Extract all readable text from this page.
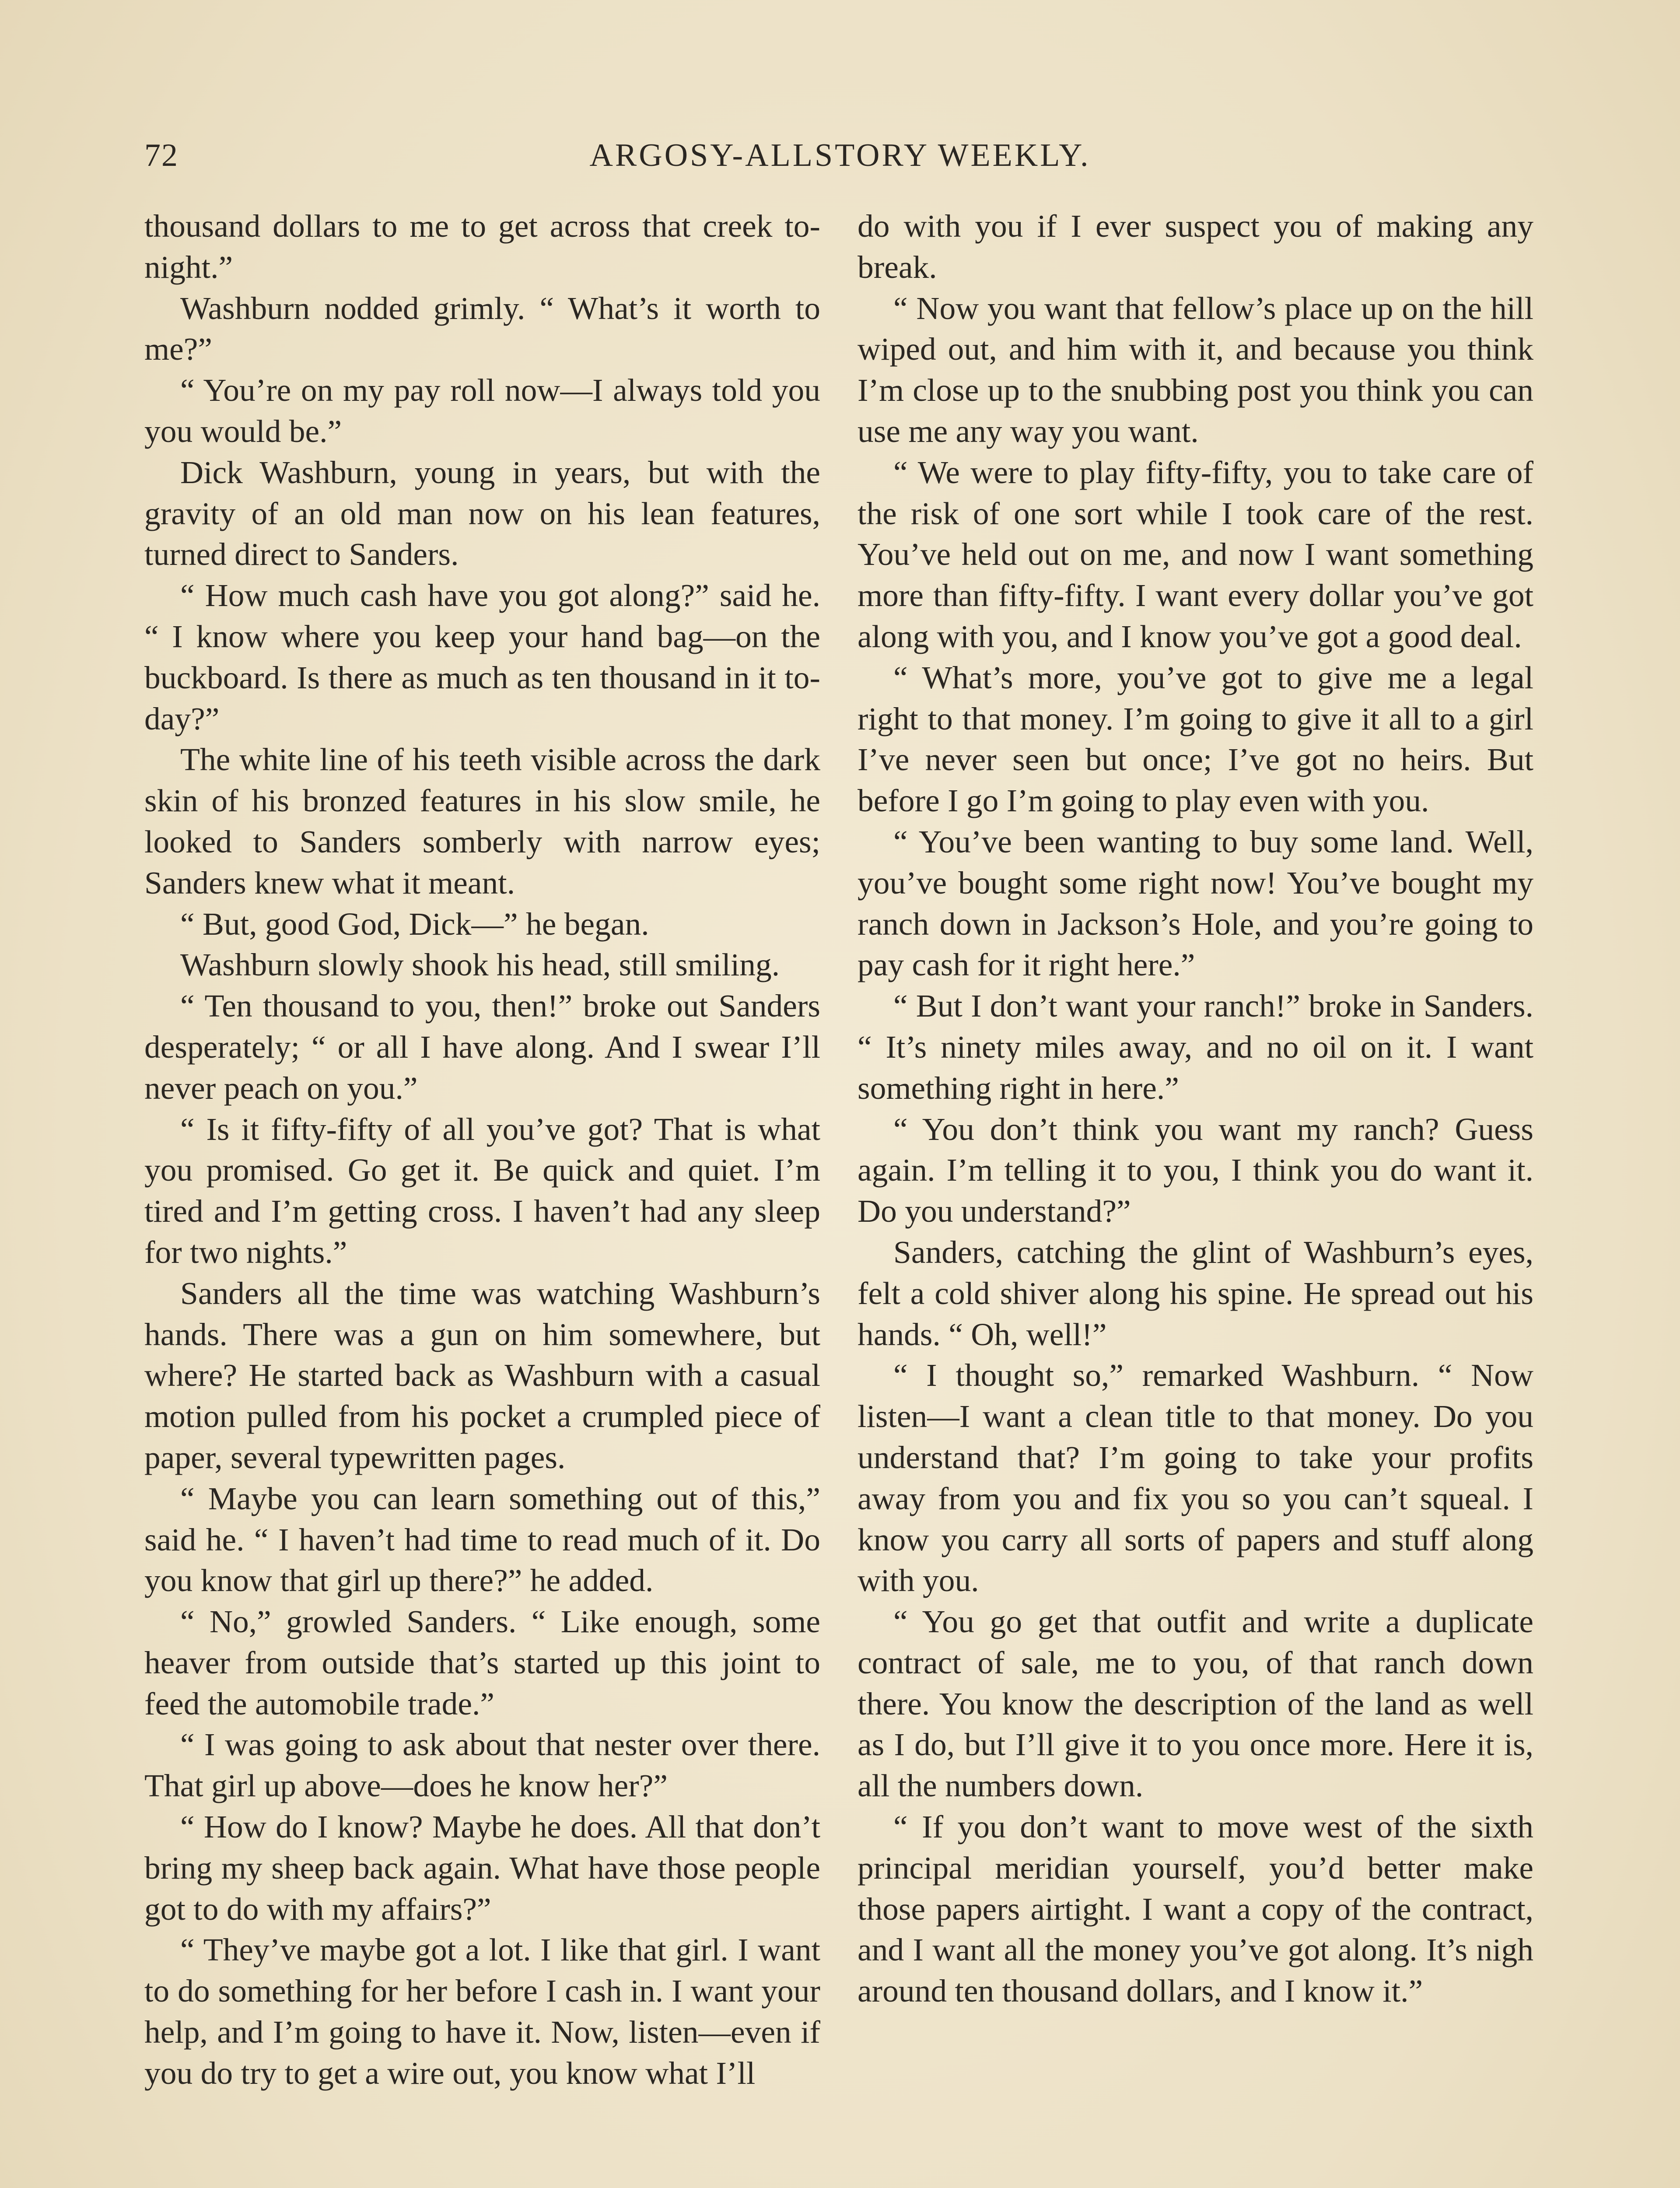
72	ARGOSY-ALLSTORY WEEKLY.

thousand dollars to me to get across that creek to-night.”

Washburn nodded grimly. “ What’s it worth to me?”

“ You’re on my pay roll now—I always told you you would be.”

Dick Washburn, young in years, but with the gravity of an old man now on his lean features, turned direct to Sanders.

“ How much cash have you got along?” said he. “ I know where you keep your hand bag—on the buckboard. Is there as much as ten thousand in it to-day?”

The white line of his teeth visible across the dark skin of his bronzed features in his slow smile, he looked to Sanders somberly with narrow eyes; Sanders knew what it meant.

“ But, good God, Dick—” he began.

Washburn slowly shook his head, still smiling.

“ Ten thousand to you, then!” broke out Sanders desperately; “ or all I have along. And I swear I’ll never peach on you.”

“ Is it fifty-fifty of all you’ve got? That is what you promised. Go get it. Be quick and quiet. I’m tired and I’m getting cross. I haven’t had any sleep for two nights.”

Sanders all the time was watching Washburn’s hands. There was a gun on him somewhere, but where? He started back as Washburn with a casual motion pulled from his pocket a crumpled piece of paper, several typewritten pages.

“ Maybe you can learn something out of this,” said he. “ I haven’t had time to read much of it. Do you know that girl up there?” he added.

“ No,” growled Sanders. “ Like enough, some heaver from outside that’s started up this joint to feed the automobile trade.”

“ I was going to ask about that nester over there. That girl up above—does he know her?”

“ How do I know? Maybe he does. All that don’t bring my sheep back again. What have those people got to do with my affairs?”

“ They’ve maybe got a lot. I like that girl. I want to do something for her before I cash in. I want your help, and I’m going to have it. Now, listen—even if you do try to get a wire out, you know what I’ll

do with you if I ever suspect you of making any break.

“ Now you want that fellow’s place up on the hill wiped out, and him with it, and because you think I’m close up to the snubbing post you think you can use me any way you want.

“ We were to play fifty-fifty, you to take care of the risk of one sort while I took care of the rest. You’ve held out on me, and now I want something more than fifty-fifty. I want every dollar you’ve got along with you, and I know you’ve got a good deal.

“ What’s more, you’ve got to give me a legal right to that money. I’m going to give it all to a girl I’ve never seen but once; I’ve got no heirs. But before I go I’m going to play even with you.

“ You’ve been wanting to buy some land. Well, you’ve bought some right now! You’ve bought my ranch down in Jackson’s Hole, and you’re going to pay cash for it right here.”

“ But I don’t want your ranch!” broke in Sanders. “ It’s ninety miles away, and no oil on it. I want something right in here.”

“ You don’t think you want my ranch? Guess again. I’m telling it to you, I think you do want it. Do you understand?”

Sanders, catching the glint of Washburn’s eyes, felt a cold shiver along his spine. He spread out his hands. “ Oh, well!”

“ I thought so,” remarked Washburn. “ Now listen—I want a clean title to that money. Do you understand that? I’m going to take your profits away from you and fix you so you can’t squeal. I know you carry all sorts of papers and stuff along with you.

“ You go get that outfit and write a duplicate contract of sale, me to you, of that ranch down there. You know the description of the land as well as I do, but I’ll give it to you once more. Here it is, all the numbers down.

“ If you don’t want to move west of the sixth principal meridian yourself, you’d better make those papers airtight. I want a copy of the contract, and I want all the money you’ve got along. It’s nigh around ten thousand dollars, and I know it.”
